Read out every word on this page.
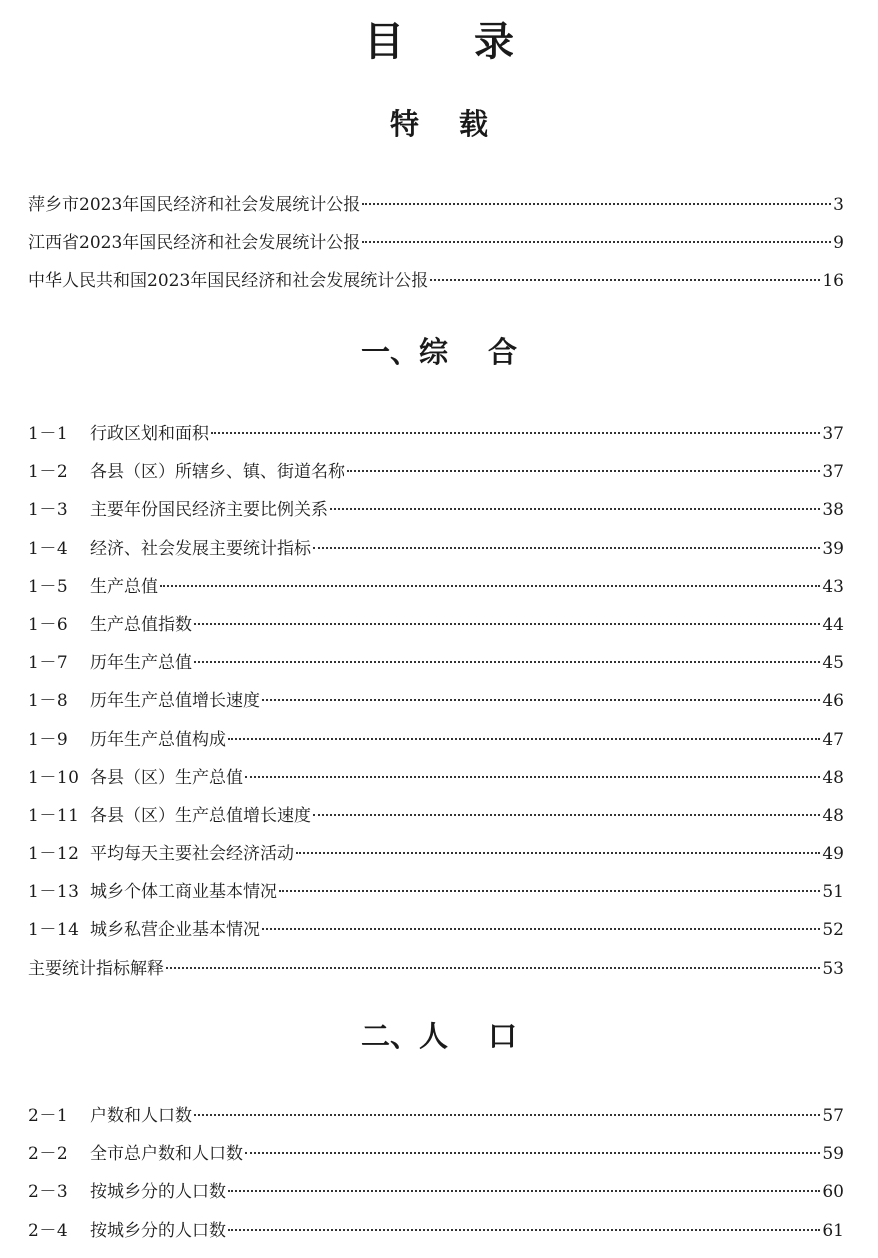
目 录
特 载
萍乡市2023年国民经济和社会发展统计公报	3
江西省2023年国民经济和社会发展统计公报	9
中华人民共和国2023年国民经济和社会发展统计公报	16
一、综 合
1－1	行政区划和面积	37
1－2	各县（区）所辖乡、镇、街道名称	37
1－3	主要年份国民经济主要比例关系	38
1－4	经济、社会发展主要统计指标	39
1－5	生产总值	43
1－6	生产总值指数	44
1－7	历年生产总值	45
1－8	历年生产总值增长速度	46
1－9	历年生产总值构成	47
1－10 各县（区）生产总值	48
1－11 各县（区）生产总值增长速度	48
1－12 平均每天主要社会经济活动	49
1－13 城乡个体工商业基本情况	51
1－14 城乡私营企业基本情况	52
主要统计指标解释	53
二、人 口
2－1	户数和人口数	57
2－2	全市总户数和人口数	59
2－3	按城乡分的人口数	60
2－4	按城乡分的人口数	61
